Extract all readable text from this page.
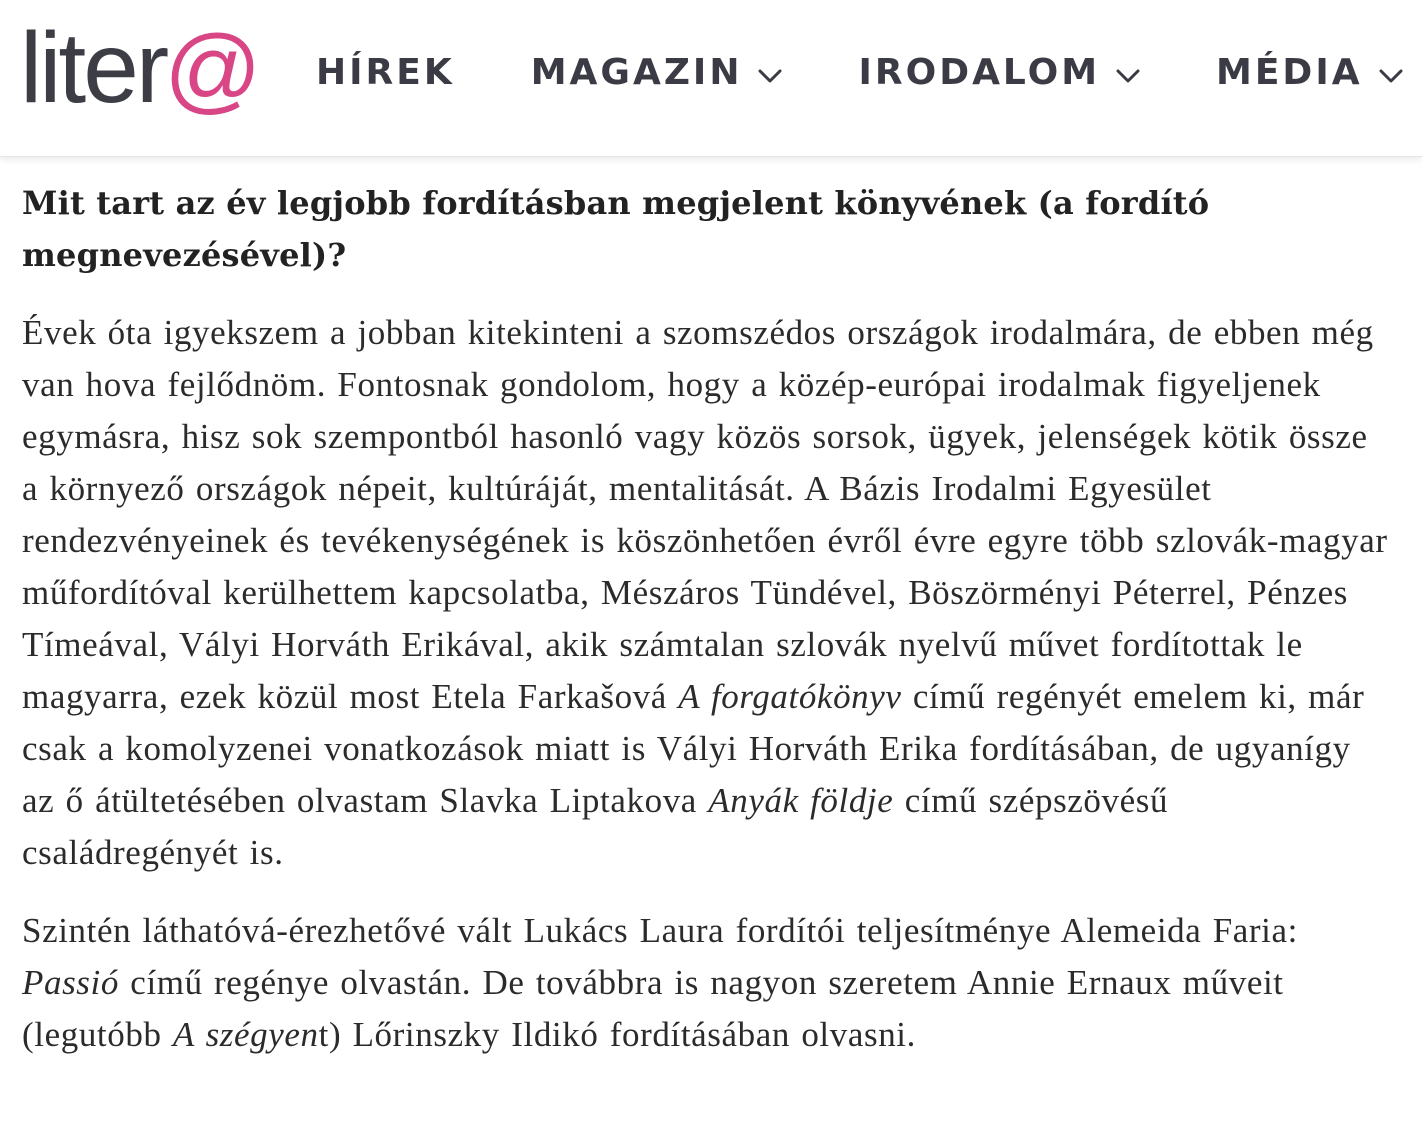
liter
@ HÍREK MAGAZIN	IRODALOM	MÉDIA
Mit tart az év legjobb fordításban megjelent könyvének (a fordító megnevezésével)?

Évek óta igyekszem a jobban kitekinteni a szomszédos országok irodalmára, de ebben még van hova fejlődnöm. Fontosnak gondolom, hogy a közép-európai irodalmak figyeljenek egymásra, hisz sok szempontból hasonló vagy közös sorsok, ügyek, jelenségek kötik össze a környező országok népeit, kultúráját, mentalitását. A Bázis Irodalmi Egyesület rendezvényeinek és tevékenységének is köszönhetően évről évre egyre több szlovák-magyar műfordítóval kerülhettem kapcsolatba, Mészáros Tündével, Böszörményi Péterrel, Pénzes Tímeával, Vályi Horváth Erikával, akik számtalan szlovák nyelvű művet fordítottak le magyarra, ezek közül most Etela Farkašová A forgatókönyv című regényét emelem ki, már csak a komolyzenei vonatkozások miatt is Vályi Horváth Erika fordításában, de ugyanígy az ő átültetésében olvastam Slavka Liptakova Anyák földje című szépszövésű családregényét is.

Szintén láthatóvá-érezhetővé vált Lukács Laura fordítói teljesítménye Alemeida Faria: Passió című regénye olvastán. De továbbra is nagyon szeretem Annie Ernaux műveit (legutóbb A szégyent) Lőrinszky Ildikó fordításában olvasni.
